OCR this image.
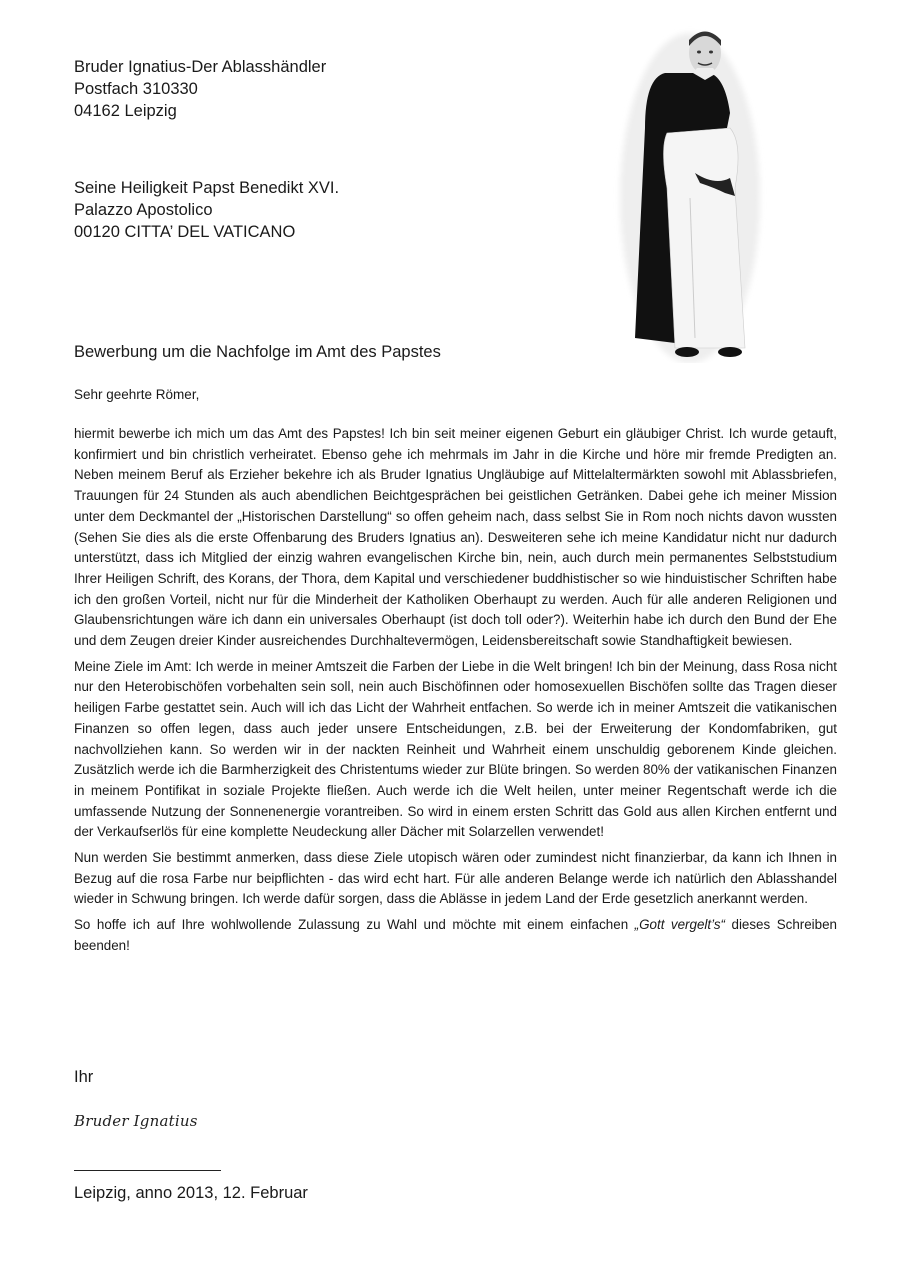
Bruder Ignatius-Der Ablasshändler
Postfach 310330
04162 Leipzig
Seine Heiligkeit Papst Benedikt XVI.
Palazzo Apostolico
00120 CITTA’ DEL VATICANO
Bewerbung um die Nachfolge im Amt des Papstes
Sehr geehrte Römer,

hiermit bewerbe ich mich um das Amt des Papstes! Ich bin seit meiner eigenen Geburt ein gläubiger Christ. Ich wurde getauft, konfirmiert und bin christlich verheiratet. Ebenso gehe ich mehrmals im Jahr in die Kirche und höre mir fremde Predigten an. Neben meinem Beruf als Erzieher bekehre ich als Bruder Ignatius Ungläubige auf Mittelaltermärkten sowohl mit Ablassbriefen, Trauungen für 24 Stunden als auch abendlichen Beichtgesprächen bei geistlichen Getränken. Dabei gehe ich meiner Mission unter dem Deckmantel der „Historischen Darstellung“ so offen geheim nach, dass selbst Sie in Rom noch nichts davon wussten (Sehen Sie dies als die erste Offenbarung des Bruders Ignatius an). Desweiteren sehe ich meine Kandidatur nicht nur dadurch unterstützt, dass ich Mitglied der einzig wahren evangelischen Kirche bin, nein, auch durch mein permanentes Selbststudium Ihrer Heiligen Schrift, des Korans, der Thora, dem Kapital und verschiedener buddhistischer so wie hinduistischer Schriften habe ich den großen Vorteil, nicht nur für die Minderheit der Katholiken Oberhaupt zu werden. Auch für alle anderen Religionen und Glaubensrichtungen wäre ich dann ein universales Oberhaupt (ist doch toll oder?). Weiterhin habe ich durch den Bund der Ehe und dem Zeugen dreier Kinder ausreichendes Durchhaltevermögen, Leidensbereitschaft sowie Standhaftigkeit bewiesen.

Meine Ziele im Amt: Ich werde in meiner Amtszeit die Farben der Liebe in die Welt bringen! Ich bin der Meinung, dass Rosa nicht nur den Heterobischöfen vorbehalten sein soll, nein auch Bischöfinnen oder homosexuellen Bischöfen sollte das Tragen dieser heiligen Farbe gestattet sein. Auch will ich das Licht der Wahrheit entfachen. So werde ich in meiner Amtszeit die vatikanischen Finanzen so offen legen, dass auch jeder unsere Entscheidungen, z.B. bei der Erweiterung der Kondomfabriken, gut nachvollziehen kann. So werden wir in der nackten Reinheit und Wahrheit einem unschuldig geborenem Kinde gleichen. Zusätzlich werde ich die Barmherzigkeit des Christentums wieder zur Blüte bringen. So werden 80% der vatikanischen Finanzen in meinem Pontifikat in soziale Projekte fließen. Auch werde ich die Welt heilen, unter meiner Regentschaft werde ich die umfassende Nutzung der Sonnenenergie vorantreiben. So wird in einem ersten Schritt das Gold aus allen Kirchen entfernt und der Verkaufserlös für eine komplette Neudeckung aller Dächer mit Solarzellen verwendet!

Nun werden Sie bestimmt anmerken, dass diese Ziele utopisch wären oder zumindest nicht finanzierbar, da kann ich Ihnen in Bezug auf die rosa Farbe nur beipflichten - das wird echt hart. Für alle anderen Belange werde ich natürlich den Ablasshandel wieder in Schwung bringen. Ich werde dafür sorgen, dass die Ablässe in jedem Land der Erde gesetzlich anerkannt werden.

So hoffe ich auf Ihre wohlwollende Zulassung zu Wahl und möchte mit einem einfachen „Gott vergelt’s“ dieses Schreiben beenden!

Ihr
Bruder Ignatius
Leipzig, anno 2013, 12. Februar
